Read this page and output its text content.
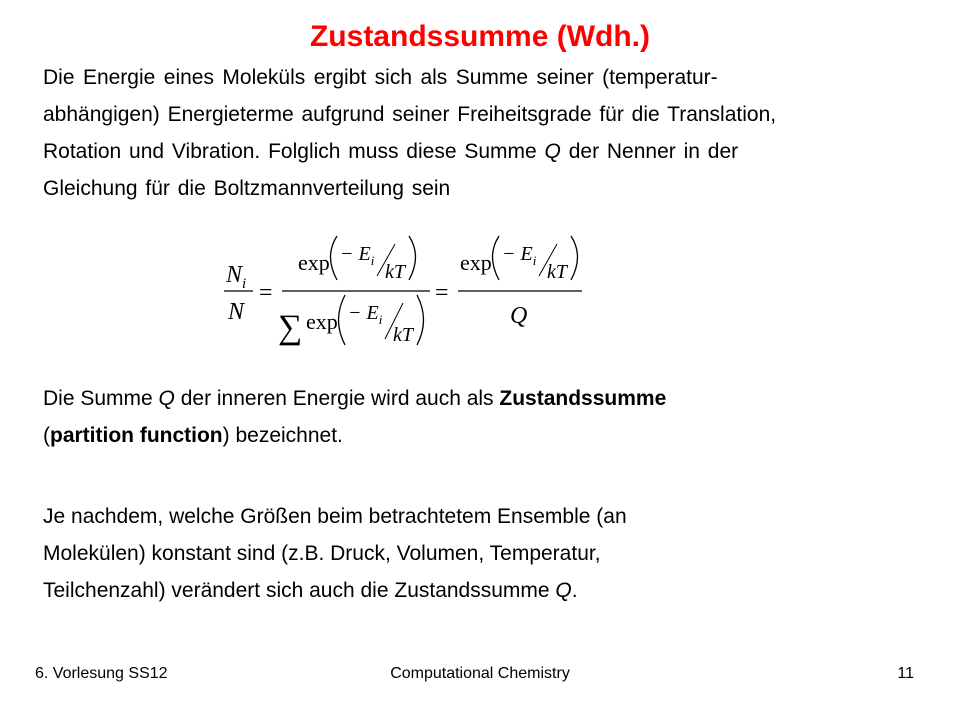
Zustandssumme (Wdh.)
Die Energie eines Moleküls ergibt sich als Summe seiner (temperatur-
abhängigen) Energieterme aufgrund seiner Freiheitsgrade für die Translation,
Rotation und Vibration. Folglich muss diese Summe Q der Nenner in der
Gleichung für die Boltzmannverteilung sein
$N_i$
N
=
$\exp - E_i$
kT
∑ $\exp - E_i$
kT
=
$\exp - E_i$
kT
Q
Die Summe Q der inneren Energie wird auch als Zustandssumme
(partition function) bezeichnet.
Je nachdem, welche Größen beim betrachtetem Ensemble (an
Molekülen) konstant sind (z.B. Druck, Volumen, Temperatur,
Teilchenzahl) verändert sich auch die Zustandssumme Q.
6. Vorlesung SS12	Computational Chemistry	11
